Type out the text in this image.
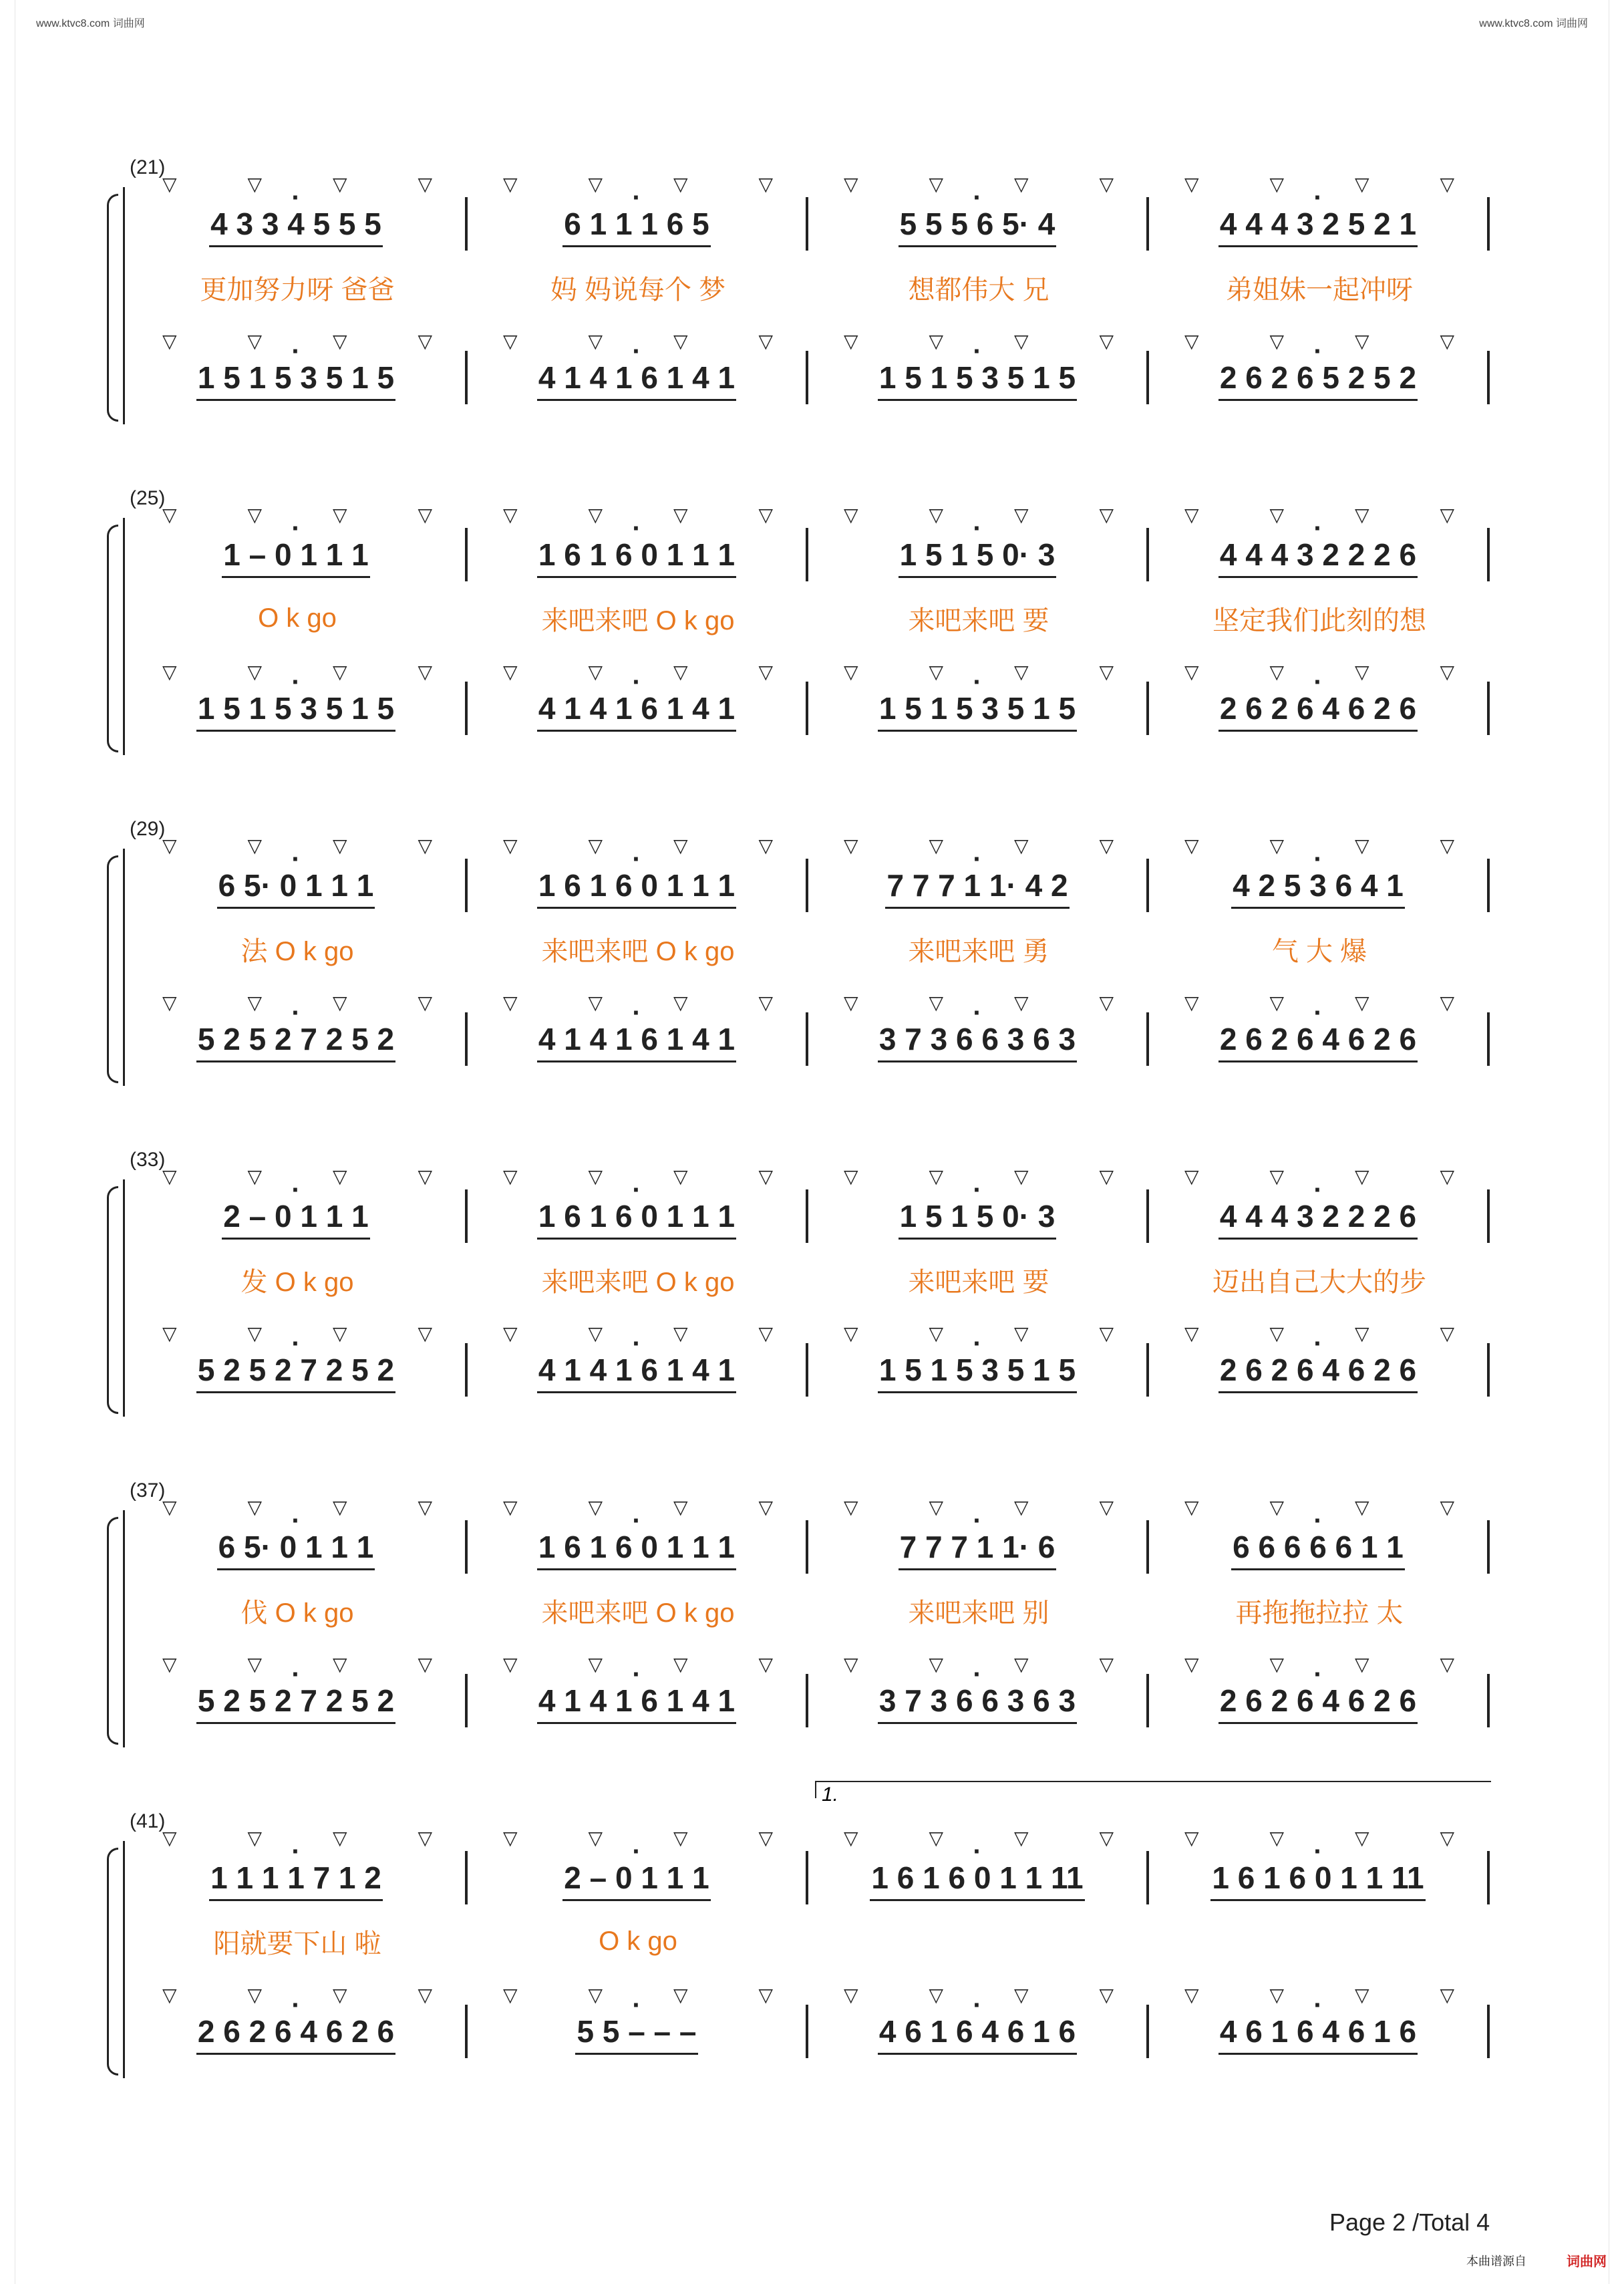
www.ktvc8.com 词曲网	www.ktvc8.com 词曲网
(21)
▽	▽	▽	▽	▽	▽	▽	▽	▽	▽	▽	▽	▽	▽	▽	▽
· 4 3 3 4 5 5 5	· 6 1 1 1 6 5	· 5 5 5 6 5· 4	· 4 4 4 3 2 5 2 1
更加努力呀 爸爸	妈 妈说每个 梦	想都伟大 兄	弟姐妹一起冲呀
▽	▽	▽	▽	▽	▽	▽	▽	▽	▽	▽	▽	▽	▽	▽	▽
· 1 5 1 5 3 5 1 5	· 4 1 4 1 6 1 4 1	· 1 5 1 5 3 5 1 5	· 2 6 2 6 5 2 5 2
(25)
▽	▽	▽	▽	▽	▽	▽	▽	▽	▽	▽	▽	▽	▽	▽	▽
· 1 – 0 1 1 1	· 1 6 1 6 0 1 1 1	· 1 5 1 5 0· 3	· 4 4 4 3 2 2 2 6
O k go	来吧来吧 O k go	来吧来吧 要	坚定我们此刻的想
▽	▽	▽	▽	▽	▽	▽	▽	▽	▽	▽	▽	▽	▽	▽	▽
· 1 5 1 5 3 5 1 5	· 4 1 4 1 6 1 4 1	· 1 5 1 5 3 5 1 5	· 2 6 2 6 4 6 2 6
(29)
▽	▽	▽	▽	▽	▽	▽	▽	▽	▽	▽	▽	▽	▽	▽	▽
· 6 5· 0 1 1 1	· 1 6 1 6 0 1 1 1	· 7 7 7 1 1· 4 2	· 4 2 5 3 6 4 1
法 O k go	来吧来吧 O k go	来吧来吧 勇	气 大 爆
▽	▽	▽	▽	▽	▽	▽	▽	▽	▽	▽	▽	▽	▽	▽	▽
· 5 2 5 2 7 2 5 2	· 4 1 4 1 6 1 4 1	· 3 7 3 6 6 3 6 3	· 2 6 2 6 4 6 2 6
(33)
▽	▽	▽	▽	▽	▽	▽	▽	▽	▽	▽	▽	▽	▽	▽	▽
· 2 – 0 1 1 1	· 1 6 1 6 0 1 1 1	· 1 5 1 5 0· 3	· 4 4 4 3 2 2 2 6
发 O k go	来吧来吧 O k go	来吧来吧 要	迈出自己大大的步
▽	▽	▽	▽	▽	▽	▽	▽	▽	▽	▽	▽	▽	▽	▽	▽
· 5 2 5 2 7 2 5 2	· 4 1 4 1 6 1 4 1	· 1 5 1 5 3 5 1 5	· 2 6 2 6 4 6 2 6
(37)
▽	▽	▽	▽	▽	▽	▽	▽	▽	▽	▽	▽	▽	▽	▽	▽
· 6 5· 0 1 1 1	· 1 6 1 6 0 1 1 1	· 7 7 7 1 1· 6	· 6 6 6 6 6 1 1
伐 O k go	来吧来吧 O k go	来吧来吧 别	再拖拖拉拉 太
▽	▽	▽	▽	▽	▽	▽	▽	▽	▽	▽	▽	▽	▽	▽	▽
· 5 2 5 2 7 2 5 2	· 4 1 4 1 6 1 4 1	· 3 7 3 6 6 3 6 3	· 2 6 2 6 4 6 2 6
(41)
1.
▽	▽	▽	▽	▽	▽	▽	▽	▽	▽	▽	▽	▽	▽	▽	▽
· 1 1 1 1 7 1 2	· 2 – 0 1 1 1	· 1 6 1 6 0 1 1 11	· 1 6 1 6 0 1 1 11
阳就要下山 啦	O k go
▽	▽	▽	▽	▽	▽	▽	▽	▽	▽	▽	▽	▽	▽	▽	▽
· 2 6 2 6 4 6 2 6	· 5 5 – – –	· 4 6 1 6 4 6 1 6	· 4 6 1 6 4 6 1 6
Page 2 /Total 4
本曲谱源自	词曲网
